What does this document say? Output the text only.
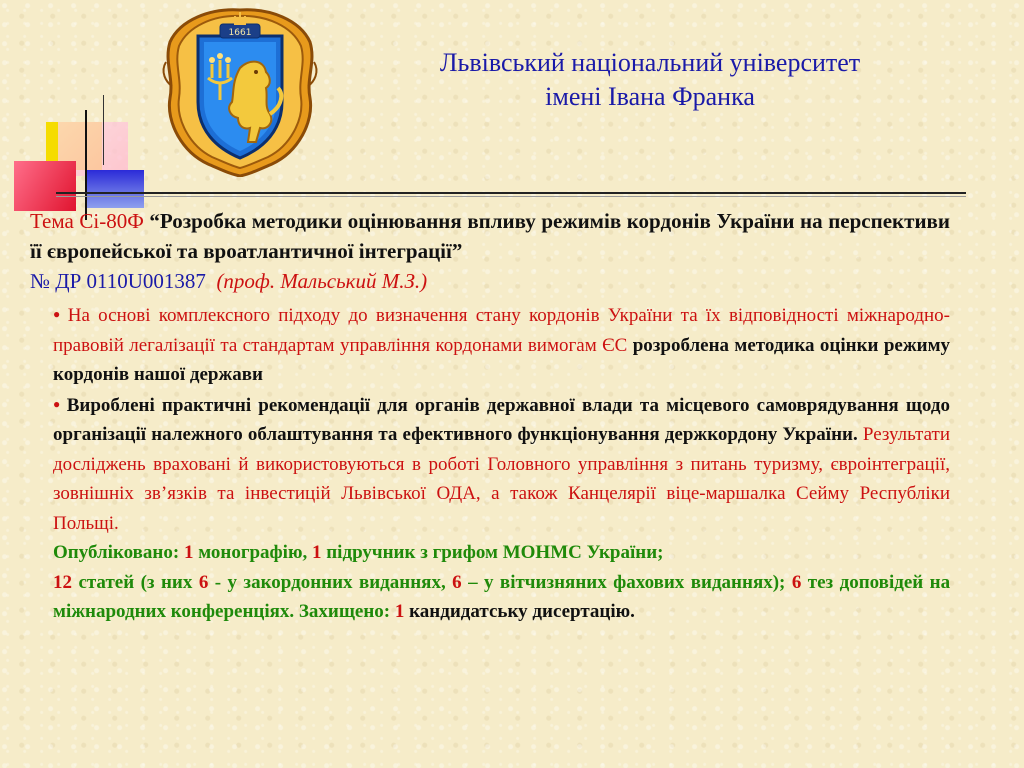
1661
Львівський національний університет
імені Івана Франка
Тема Сі-80Ф “Розробка методики оцінювання впливу режимів кордонів України на перспективи її європейської та вроатлантичної інтеграції”
№ ДР 0110U001387 (проф. Мальський М.З.)
● На основі комплексного підходу до визначення стану кордонів України та їх відповідності міжнародно-правовій легалізації та стандартам управління кордонами вимогам ЄС розроблена методика оцінки режиму кордонів нашої держави
● Вироблені практичні рекомендації для органів державної влади та місцевого самоврядування щодо організації належного облаштування та ефективного функціонування держкордону України. Результати досліджень враховані й використовуються в роботі Головного управління з питань туризму, євроінтеграції, зовнішніх зв’язків та інвестицій Львівської ОДА, а також Канцелярії віце-маршалка Сейму Республіки Польщі.
Опубліковано: 1 монографію, 1 підручник з грифом МОНМС України;
12 статей (з них 6 - у закордонних виданнях, 6 – у вітчизняних фахових виданнях); 6 тез доповідей на міжнародних конференціях. Захищено: 1 кандидатську дисертацію.
